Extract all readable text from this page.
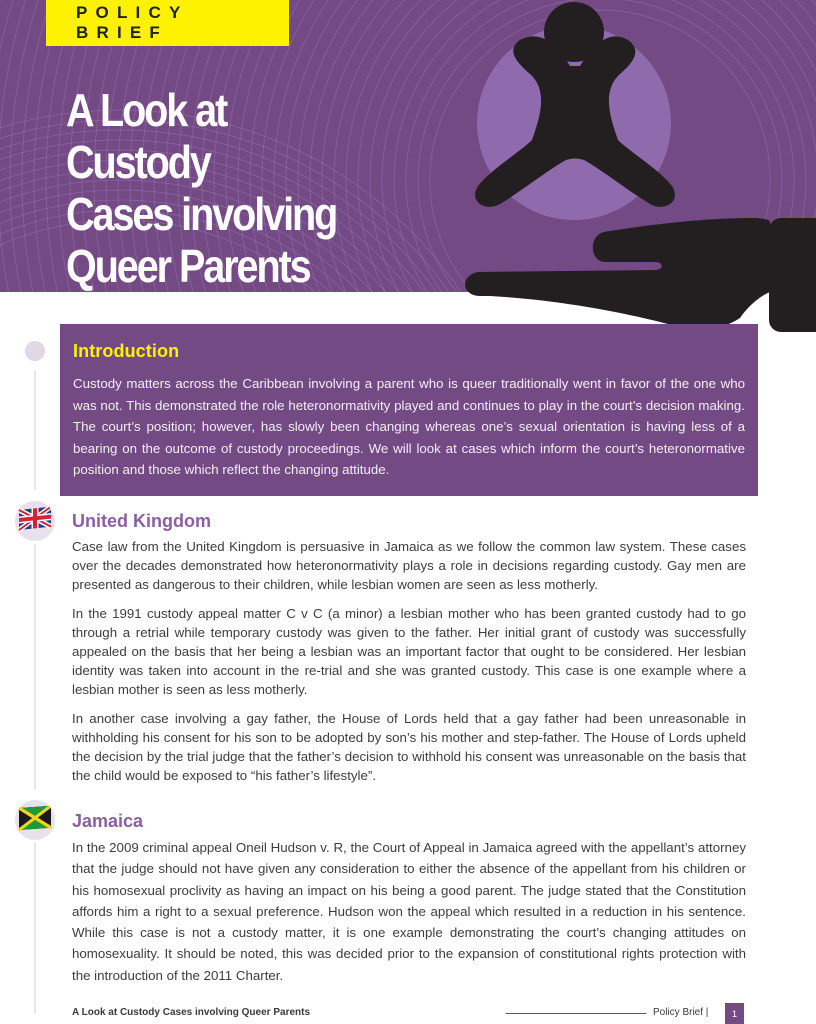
POLICY BRIEF
A Look at Custody
Cases involving
Queer Parents
Introduction

Custody matters across the Caribbean involving a parent who is queer traditionally went in favor of the one who was not. This demonstrated the role heteronormativity played and continues to play in the court’s decision making. The court’s position; however, has slowly been changing whereas one’s sexual orientation is having less of a bearing on the outcome of custody proceedings. We will look at cases which inform the court’s heteronormative position and those which reflect the changing attitude.

United Kingdom

Case law from the United Kingdom is persuasive in Jamaica as we follow the common law system. These cases over the decades demonstrated how heteronormativity plays a role in decisions regarding custody. Gay men are presented as dangerous to their children, while lesbian women are seen as less motherly.

In the 1991 custody appeal matter C v C (a minor) a lesbian mother who has been granted custody had to go through a retrial while temporary custody was given to the father. Her initial grant of custody was successfully appealed on the basis that her being a lesbian was an important factor that ought to be considered. Her lesbian identity was taken into account in the re-trial and she was granted custody. This case is one example where a lesbian mother is seen as less motherly.

In another case involving a gay father, the House of Lords held that a gay father had been unreasonable in withholding his consent for his son to be adopted by son’s his mother and step-father. The House of Lords upheld the decision by the trial judge that the father’s decision to withhold his consent was unreasonable on the basis that the child would be exposed to “his father’s lifestyle”.

Jamaica

In the 2009 criminal appeal Oneil Hudson v. R, the Court of Appeal in Jamaica agreed with the appellant’s attorney that the judge should not have given any consideration to either the absence of the appellant from his children or his homosexual proclivity as having an impact on his being a good parent. The judge stated that the Constitution affords him a right to a sexual preference. Hudson won the appeal which resulted in a reduction in his sentence. While this case is not a custody matter, it is one example demonstrating the court’s changing attitudes on homosexuality. It should be noted, this was decided prior to the expansion of constitutional rights protection with the introduction of the 2011 Charter.

A Look at Custody Cases involving Queer Parents	Policy Brief |	1
